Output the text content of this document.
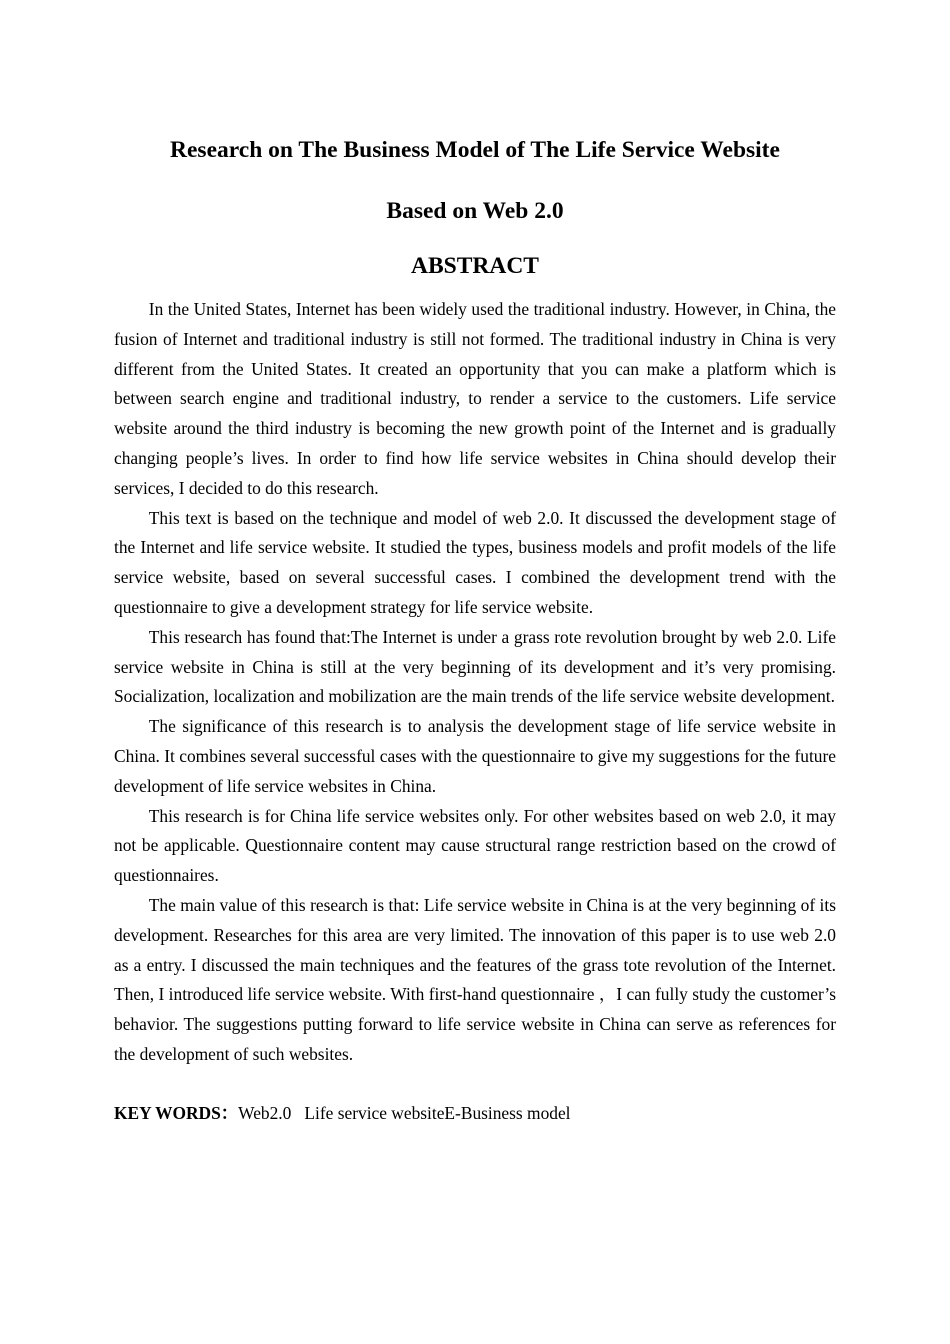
Research on The Business Model of The Life Service Website
Based on Web 2.0
ABSTRACT

In the United States, Internet has been widely used the traditional industry. However, in China, the fusion of Internet and traditional industry is still not formed. The traditional industry in China is very different from the United States. It created an opportunity that you can make a platform which is between search engine and traditional industry, to render a service to the customers. Life service website around the third industry is becoming the new growth point of the Internet and is gradually changing people’s lives. In order to find how life service websites in China should develop their services, I decided to do this research.

This text is based on the technique and model of web 2.0. It discussed the development stage of the Internet and life service website. It studied the types, business models and profit models of the life service website, based on several successful cases. I combined the development trend with the questionnaire to give a development strategy for life service website.

This research has found that:The Internet is under a grass rote revolution brought by web 2.0. Life service website in China is still at the very beginning of its development and it’s very promising. Socialization, localization and mobilization are the main trends of the life service website development.

The significance of this research is to analysis the development stage of life service website in China. It combines several successful cases with the questionnaire to give my suggestions for the future development of life service websites in China.

This research is for China life service websites only. For other websites based on web 2.0, it may not be applicable. Questionnaire content may cause structural range restriction based on the crowd of questionnaires.

The main value of this research is that: Life service website in China is at the very beginning of its development. Researches for this area are very limited. The innovation of this paper is to use web 2.0 as a entry. I discussed the main techniques and the features of the grass tote revolution of the Internet. Then, I introduced life service website. With first-hand questionnaire ，I can fully study the customer’s behavior. The suggestions putting forward to life service website in China can serve as references for the development of such websites.

KEY WORDS：Web2.0 Life service websiteE-Business model
